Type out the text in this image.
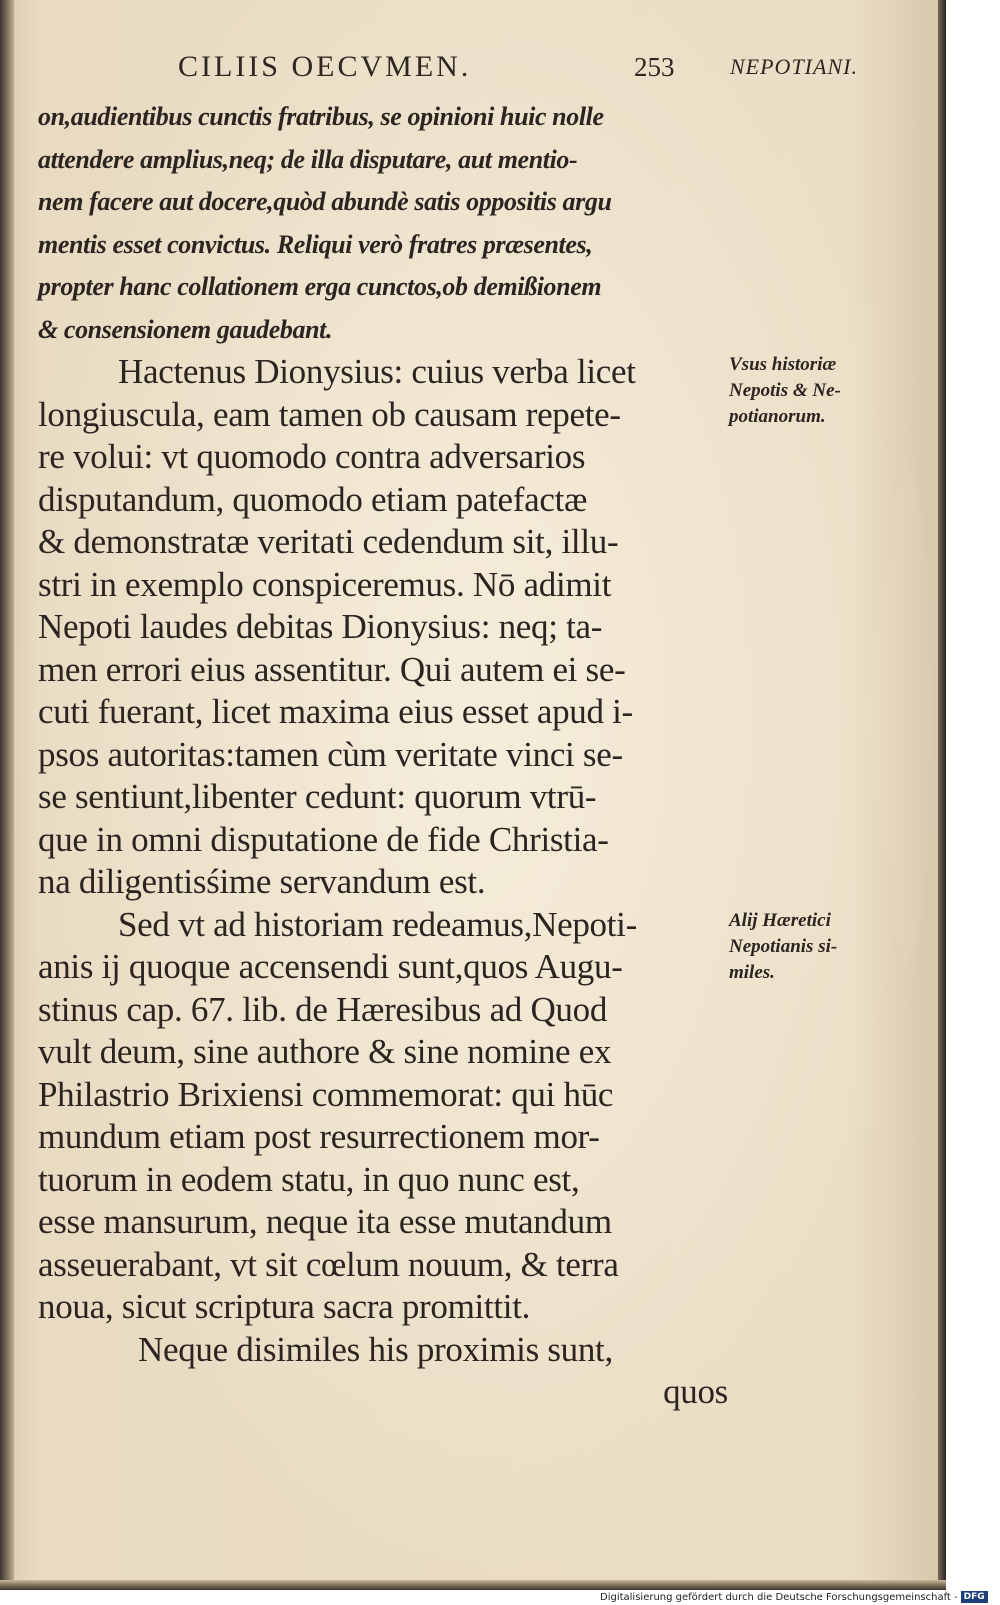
CILIIS OECVMEN.	253	NEPOTIANI.
on,audientibus cunctis fratribus, se opinioni huic nolle
attendere amplius,neq; de illa disputare, aut mentio-
nem facere aut docere,quòd abundè satis oppositis argu
mentis esset convictus. Reliqui verò fratres præsentes,
propter hanc collationem erga cunctos,ob demißionem
& consensionem gaudebant.
Hactenus Dionysius: cuius verba licet
longiuscula, eam tamen ob causam repete-
re volui: vt quomodo contra adversarios
disputandum, quomodo etiam patefactæ
& demonstratæ veritati cedendum sit, illu-
stri in exemplo conspiceremus. Nō adimit
Nepoti laudes debitas Dionysius: neq; ta-
men errori eius assentitur. Qui autem ei se-
cuti fuerant, licet maxima eius esset apud i-
psos autoritas:tamen cùm veritate vinci se-
se sentiunt,libenter cedunt: quorum vtrū-
que in omni disputatione de fide Christia-
na diligentisśime servandum est.
Sed vt ad historiam redeamus,Nepoti-
anis ij quoque accensendi sunt,quos Augu-
stinus cap. 67. lib. de Hæresibus ad Quod
vult deum, sine authore & sine nomine ex
Philastrio Brixiensi commemorat: qui hūc
mundum etiam post resurrectionem mor-
tuorum in eodem statu, in quo nunc est,
esse mansurum, neque ita esse mutandum
asseuerabant, vt sit cœlum nouum, & terra
noua, sicut scriptura sacra promittit.
Neque disimiles his proximis sunt,
quos
Vsus historiæ
Nepotis & Ne-
potianorum.
Alij Hæretici
Nepotianis si-
miles.
Digitalisierung gefördert durch die Deutsche Forschungsgemeinschaft - DFG
